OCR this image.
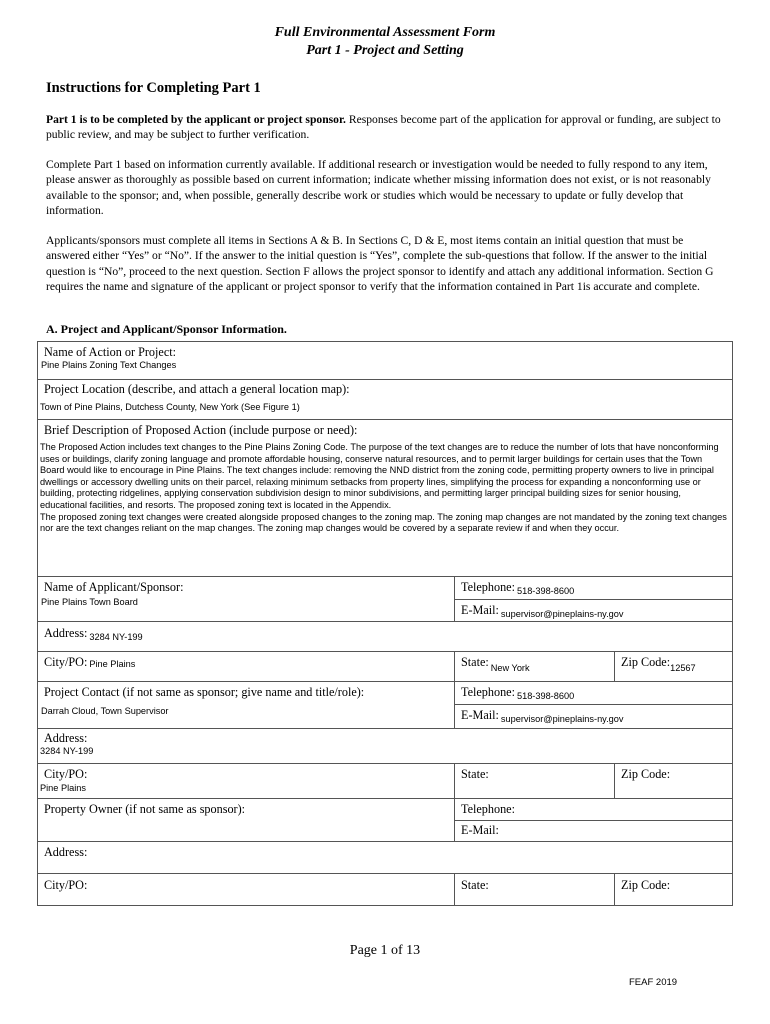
Full Environmental Assessment Form
Part 1 - Project and Setting
Instructions for Completing Part 1
Part 1 is to be completed by the applicant or project sponsor. Responses become part of the application for approval or funding, are subject to public review, and may be subject to further verification.
Complete Part 1 based on information currently available. If additional research or investigation would be needed to fully respond to any item, please answer as thoroughly as possible based on current information; indicate whether missing information does not exist, or is not reasonably available to the sponsor; and, when possible, generally describe work or studies which would be necessary to update or fully develop that information.
Applicants/sponsors must complete all items in Sections A & B. In Sections C, D & E, most items contain an initial question that must be answered either “Yes” or “No”. If the answer to the initial question is “Yes”, complete the sub-questions that follow. If the answer to the initial question is “No”, proceed to the next question. Section F allows the project sponsor to identify and attach any additional information. Section G requires the name and signature of the applicant or project sponsor to verify that the information contained in Part 1is accurate and complete.
A. Project and Applicant/Sponsor Information.
Name of Action or Project:
Pine Plains Zoning Text Changes		

Project Location (describe, and attach a general location map):
Town of Pine Plains, Dutchess County, New York (See Figure 1)		

Brief Description of Proposed Action (include purpose or need):
The Proposed Action includes text changes to the Pine Plains Zoning Code. The purpose of the text changes are to reduce the number of lots that have nonconforming uses or buildings, clarify zoning language and promote affordable housing, conserve natural resources, and to permit larger buildings for certain uses that the Town Board would like to encourage in Pine Plains. The text changes include: removing the NND district from the zoning code, permitting property owners to live in principal dwellings or accessory dwelling units on their parcel, relaxing minimum setbacks from property lines, simplifying the process for expanding a nonconforming use or building, protecting ridgelines, applying conservation subdivision design to minor subdivisions, and permitting larger principal building sizes for senior housing, educational facilities, and resorts. The proposed zoning text is located in the Appendix.
The proposed zoning text changes were created alongside proposed changes to the zoning map. The zoning map changes are not mandated by the zoning text changes nor are the text changes reliant on the map changes. The zoning map changes would be covered by a separate review if and when they occur.		

Name of Applicant/Sponsor:
Pine Plains Town Board	Telephone: $_{518-398-8600}$

	E-Mail: $_{supervisor@pineplains-ny.gov}$

Address: $_{3284 NY-199}$

City/PO: Pine Plains	State: $_{New York}$	Zip $Code:_{12567}$

Project Contact (if not same as sponsor; give name and title/role):
Darrah Cloud, Town Supervisor	Telephone: $_{518-398-8600}$

	E-Mail: $_{supervisor@pineplains-ny.gov}$

Address:
3284 NY-199		

City/PO:
Pine Plains	State:	Zip Code:

Property Owner (if not same as sponsor):	Telephone:	

	E-Mail:	

Address:		

City/PO:	State:	Zip Code:
Page 1 of 13
FEAF 2019
